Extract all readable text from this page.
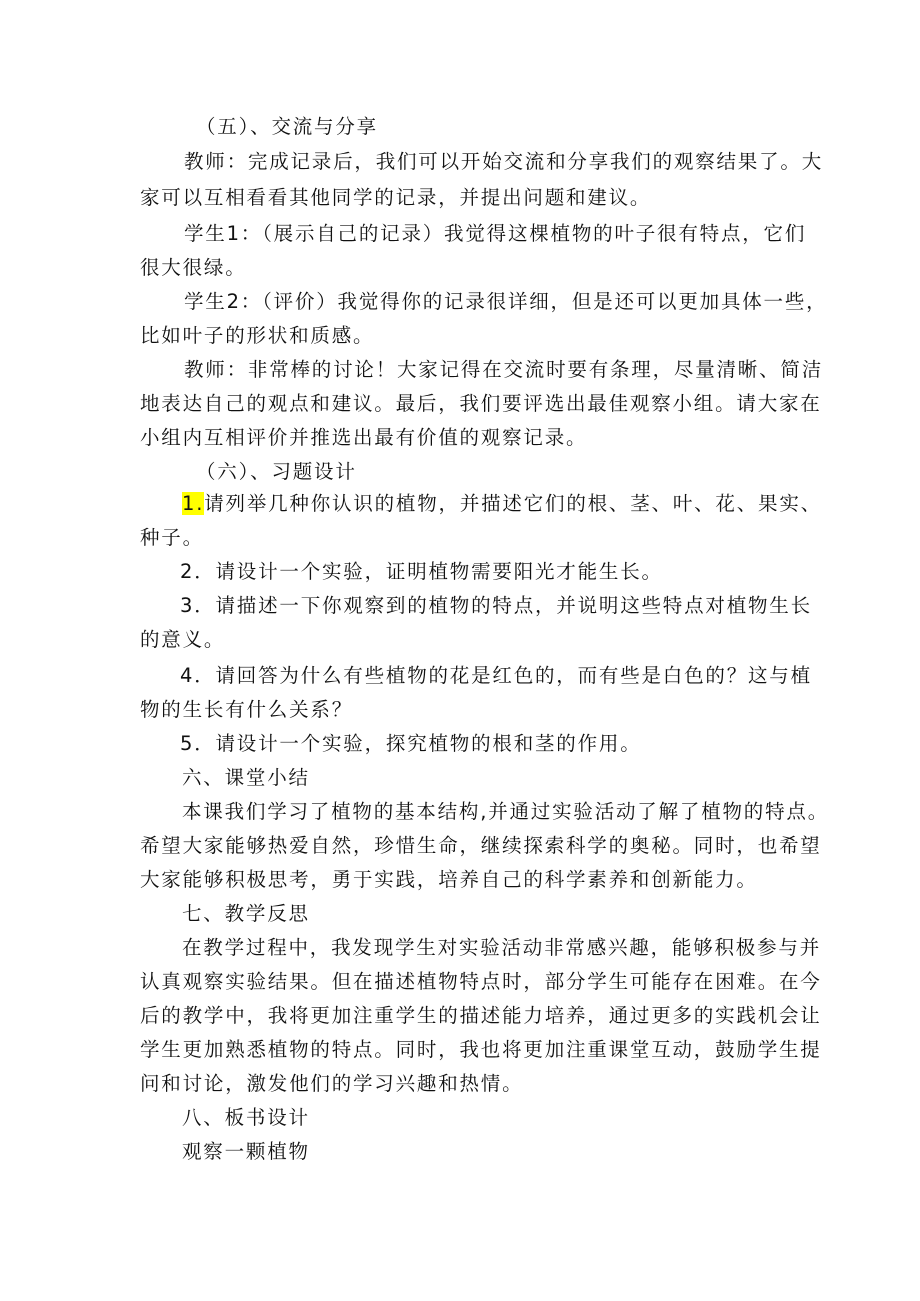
（五）、交流与分享
教师：完成记录后，我们可以开始交流和分享我们的观察结果了。大
家可以互相看看其他同学的记录，并提出问题和建议。
学生1：（展示自己的记录）我觉得这棵植物的叶子很有特点，它们
很大很绿。
学生2：（评价）我觉得你的记录很详细，但是还可以更加具体一些，
比如叶子的形状和质感。
教师：非常棒的讨论！大家记得在交流时要有条理，尽量清晰、简洁
地表达自己的观点和建议。最后，我们要评选出最佳观察小组。请大家在
小组内互相评价并推选出最有价值的观察记录。
（六）、习题设计
1.请列举几种你认识的植物，并描述它们的根、茎、叶、花、果实、
种子。
2．请设计一个实验，证明植物需要阳光才能生长。
3．请描述一下你观察到的植物的特点，并说明这些特点对植物生长
的意义。
4．请回答为什么有些植物的花是红色的，而有些是白色的？这与植
物的生长有什么关系？
5．请设计一个实验，探究植物的根和茎的作用。
六、课堂小结
本课我们学习了植物的基本结构,并通过实验活动了解了植物的特点。
希望大家能够热爱自然，珍惜生命，继续探索科学的奥秘。同时，也希望
大家能够积极思考，勇于实践，培养自己的科学素养和创新能力。
七、教学反思
在教学过程中，我发现学生对实验活动非常感兴趣，能够积极参与并
认真观察实验结果。但在描述植物特点时，部分学生可能存在困难。在今
后的教学中，我将更加注重学生的描述能力培养，通过更多的实践机会让
学生更加熟悉植物的特点。同时，我也将更加注重课堂互动，鼓励学生提
问和讨论，激发他们的学习兴趣和热情。
八、板书设计
观察一颗植物
